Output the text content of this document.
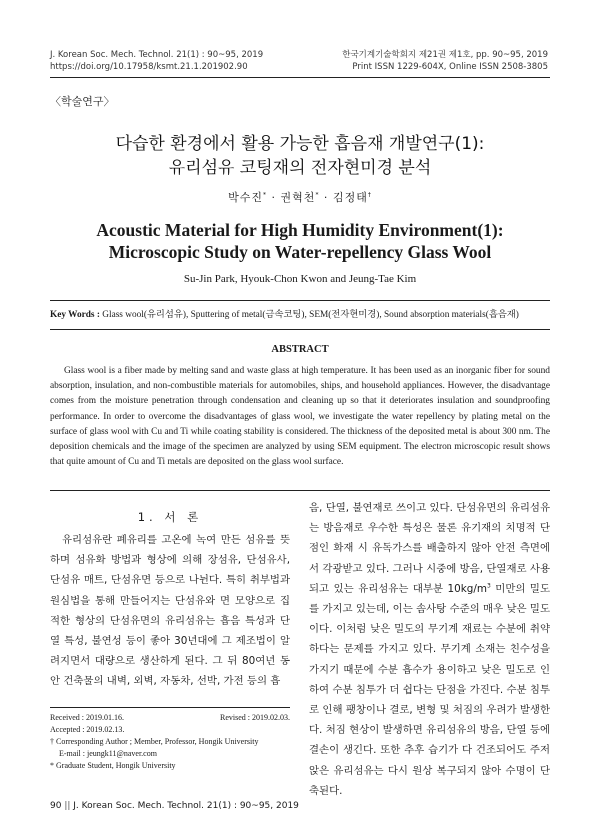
J. Korean Soc. Mech. Technol. 21(1) : 90~95, 2019
https://doi.org/10.17958/ksmt.21.1.201902.90
한국기계기술학회지 제21권 제1호, pp. 90~95, 2019
Print ISSN 1229-604X, Online ISSN 2508-3805
〈학술연구〉
다습한 환경에서 활용 가능한 흡음재 개발연구(1):
유리섬유 코팅재의 전자현미경 분석
박수진* · 권혁천* · 김정태†
Acoustic Material for High Humidity Environment(1):
Microscopic Study on Water-repellency Glass Wool
Su-Jin Park, Hyouk-Chon Kwon and Jeung-Tae Kim
Key Words : Glass wool(유리섬유), Sputtering of metal(금속코팅), SEM(전자현미경), Sound absorption materials(흡음재)
ABSTRACT
Glass wool is a fiber made by melting sand and waste glass at high temperature. It has been used as an inorganic fiber for sound absorption, insulation, and non-combustible materials for automobiles, ships, and household appliances. However, the disadvantage comes from the moisture penetration through condensation and cleaning up so that it deteriorates insulation and soundproofing performance. In order to overcome the disadvantages of glass wool, we investigate the water repellency by plating metal on the surface of glass wool with Cu and Ti while coating stability is considered. The thickness of the deposited metal is about 300 nm. The deposition chemicals and the image of the specimen are analyzed by using SEM equipment. The electron microscopic result shows that quite amount of Cu and Ti metals are deposited on the glass wool surface.
1. 서 론
유리섬유란 폐유리를 고온에 녹여 만든 섬유를 뜻하며 섬유화 방법과 형상에 의해 장섬유, 단섬유사, 단섬유 매트, 단섬유면 등으로 나뉜다. 특히 취부법과 원심법을 통해 만들어지는 단섬유와 면 모양으로 집적한 형상의 단섬유면의 유리섬유는 흡음 특성과 단열 특성, 불연성 등이 좋아 30년대에 그 제조법이 알려지면서 대량으로 생산하게 된다. 그 뒤 80여년 동안 건축물의 내벽, 외벽, 자동차, 선박, 가전 등의 흡
음, 단열, 불연재로 쓰이고 있다. 단섬유면의 유리섬유는 방음재로 우수한 특성은 물론 유기재의 치명적 단점인 화재 시 유독가스를 배출하지 않아 안전 측면에서 각광받고 있다. 그러나 시중에 방음, 단열재로 사용되고 있는 유리섬유는 대부분 $10kg/m^3$ 미만의 밀도를 가지고 있는데, 이는 솜사탕 수준의 매우 낮은 밀도이다. 이처럼 낮은 밀도의 무기계 재료는 수분에 취약하다는 문제를 가지고 있다. 무기계 소재는 친수성을 가지기 때문에 수분 흡수가 용이하고 낮은 밀도로 인하여 수분 침투가 더 쉽다는 단점을 가진다. 수분 침투로 인해 팽창이나 결로, 변형 및 처짐의 우려가 발생한다. 처짐 현상이 발생하면 유리섬유의 방음, 단열 등에 결손이 생긴다. 또한 추후 습기가 다 건조되어도 주저앉은 유리섬유는 다시 원상 복구되지 않아 수명이 단축된다.
Received : 2019.01.16.	Revised : 2019.02.03.
Accepted : 2019.02.13.
† Corresponding Author ; Member, Professor, Hongik University
E-mail : jeungk11@naver.com
* Graduate Student, Hongik University
90 || J. Korean Soc. Mech. Technol. 21(1) : 90~95, 2019
